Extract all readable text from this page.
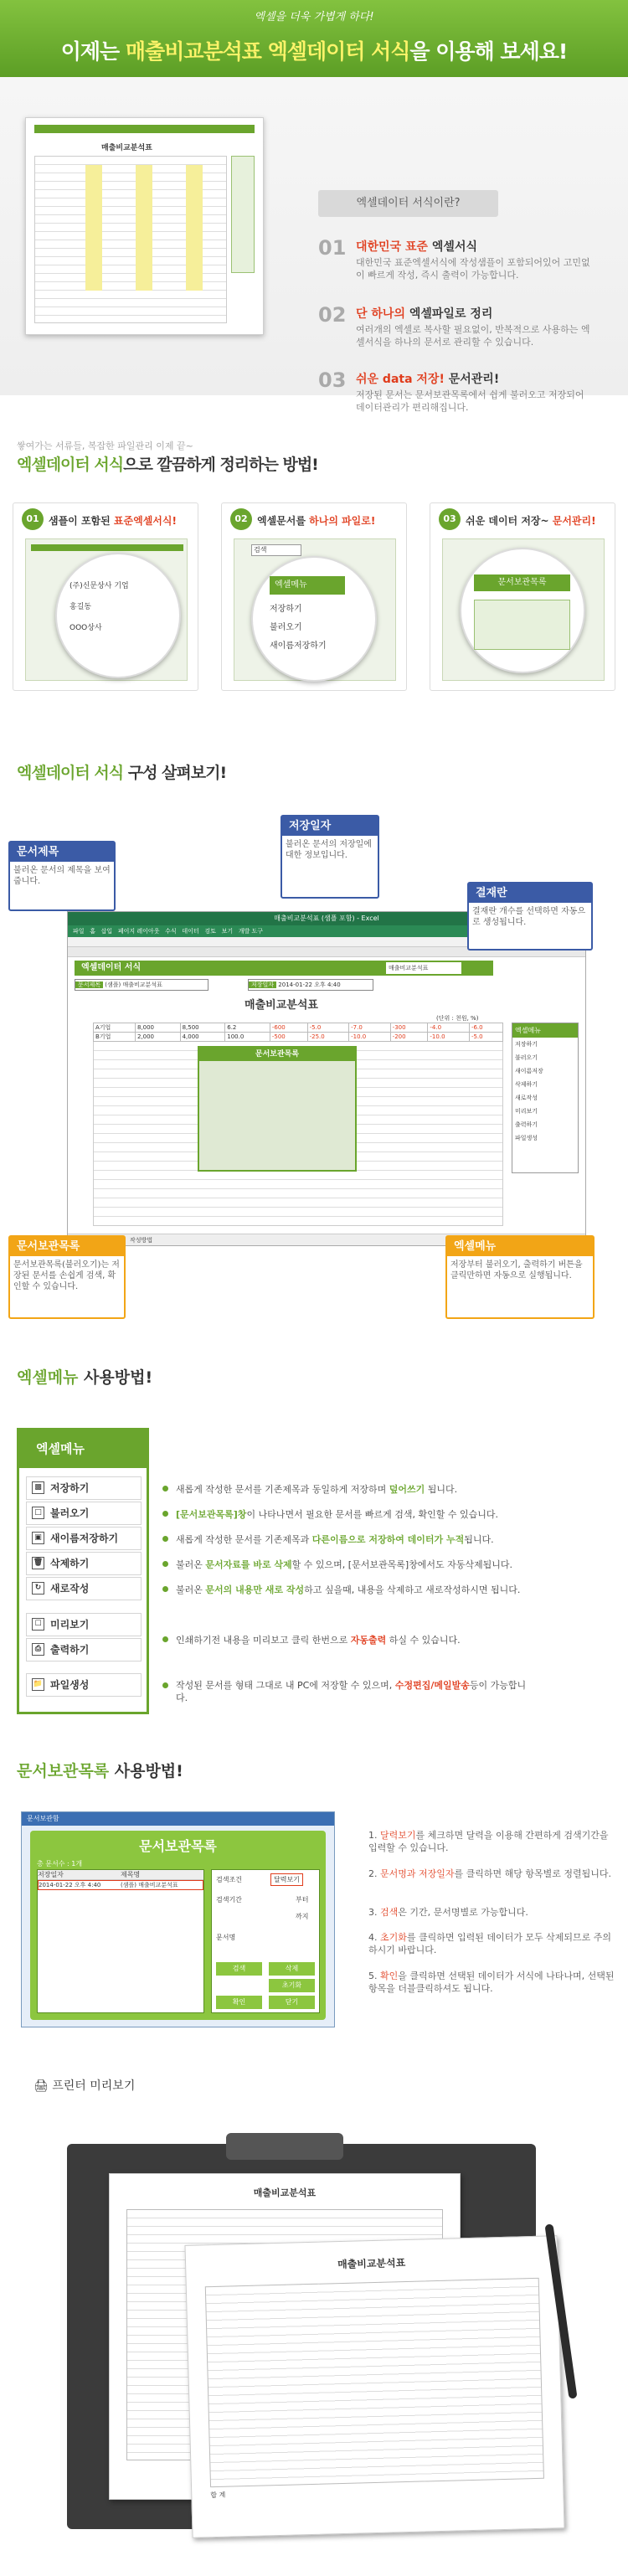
엑셀을 더욱 가볍게 하다!
이제는 매출비교분석표 엑셀데이터 서식을 이용해 보세요!
매출비교분석표
엑셀데이터 서식이란?
01 대한민국 표준 엑셀서식
대한민국 표준엑셀서식에 작성샘플이 포함되어있어 고민없이 빠르게 작성, 즉시 출력이 가능합니다.
02 단 하나의 엑셀파일로 정리
여러개의 엑셀로 복사할 필요없이, 반복적으로 사용하는 엑셀서식을 하나의 문서로 관리할 수 있습니다.
03 쉬운 data 저장! 문서관리!
저장된 문서는 문서보관목록에서 쉽게 불러오고 저장되어 데이터관리가 편리해집니다.
쌓여가는 서류들, 복잡한 파일관리 이제 끝~
엑셀데이터 서식으로 깔끔하게 정리하는 방법!
01 샘플이 포함된 표준엑셀서식!
(주)신문상사 기업
홍길동
OOO상사
02 엑셀문서를 하나의 파일로!
검색
엑셀메뉴
저장하기
불러오기
새이름저장하기
03 쉬운 데이터 저장~ 문서관리!
문서보관목록
엑셀데이터 서식 구성 살펴보기!
매출비교분석표 (샘플 포함) - Excel
파일 홈 삽입 페이지 레이아웃 수식 데이터 검토 보기 개발 도구
엑셀데이터 서식	매출비교분석표
문서제목 (샘플) 매출비교분석표	저장일자 2014-01-22 오후 4:40
매출비교분석표
(단위 : 천원, %)
A기업	8,000	8,500	6.2	-600	-5.0	-7.0	-300	-4.0	-6.0
B기업	2,000	4,000	100.0	-500	-25.0	-10.0	-200	-10.0	-5.0
문서보관목록
엑셀메뉴
저장하기
불러오기
새이름저장
삭제하기
새로작성
미리보기
출력하기
파일생성
작성방법
문서제목
불러온 문서의 제목을 보여줍니다.
저장일자
불러온 문서의 저장일에 대한 정보입니다.
결재란
결재란 개수를 선택하면 자동으로 생성됩니다.
문서보관목록
문서보관목록(불러오기)는 저장된 문서를 손쉽게 검색, 확인할 수 있습니다.
엑셀메뉴
저장부터 불러오기, 출력하기 버튼을 클릭만하면 자동으로 실행됩니다.
엑셀메뉴 사용방법!
엑셀메뉴
▩ 저장하기
□ 불러오기
▣ 새이름저장하기
🗑 삭제하기
↻ 새로작성
☐ 미리보기
⎙ 출력하기
📁 파일생성
새롭게 작성한 문서를 기존제목과 동일하게 저장하며 덮어쓰기 됩니다.
[문서보관목록]창이 나타나면서 필요한 문서를 빠르게 검색, 확인할 수 있습니다.
새롭게 작성한 문서를 기존제목과 다른이름으로 저장하여 데이터가 누적됩니다.
불러온 문서자료를 바로 삭제할 수 있으며, [문서보관목록]창에서도 자동삭제됩니다.
불러온 문서의 내용만 새로 작성하고 싶을때, 내용을 삭제하고 새로작성하시면 됩니다.
인쇄하기전 내용을 미리보고 클릭 한번으로 자동출력 하실 수 있습니다.
작성된 문서를 형태 그대로 내 PC에 저장할 수 있으며, 수정편집/메일발송등이 가능합니다.
문서보관목록 사용방법!
문서보관함
문서보관목록
총 문서수 : 1개
저장일자	제목명
2014-01-22 오후 4:40	(샘플) 매출비교분석표
검색조건	달력보기
검색기간	부터
까지
문서명
검색	삭제
초기화
확인	닫기
1. 달력보기를 체크하면 달력을 이용해 간편하게 검색기간을 입력할 수 있습니다.
2. 문서명과 저장일자를 클릭하면 해당 항목별로 정렬됩니다.
3. 검색은 기간, 문서명별로 가능합니다.
4. 초기화를 클릭하면 입력된 데이터가 모두 삭제되므로 주의하시기 바랍니다.
5. 확인을 클릭하면 선택된 데이터가 서식에 나타나며, 선택된 항목을 더블클릭하셔도 됩니다.
🖨 프린터 미리보기
매출비교분석표
매출비교분석표
합 계
